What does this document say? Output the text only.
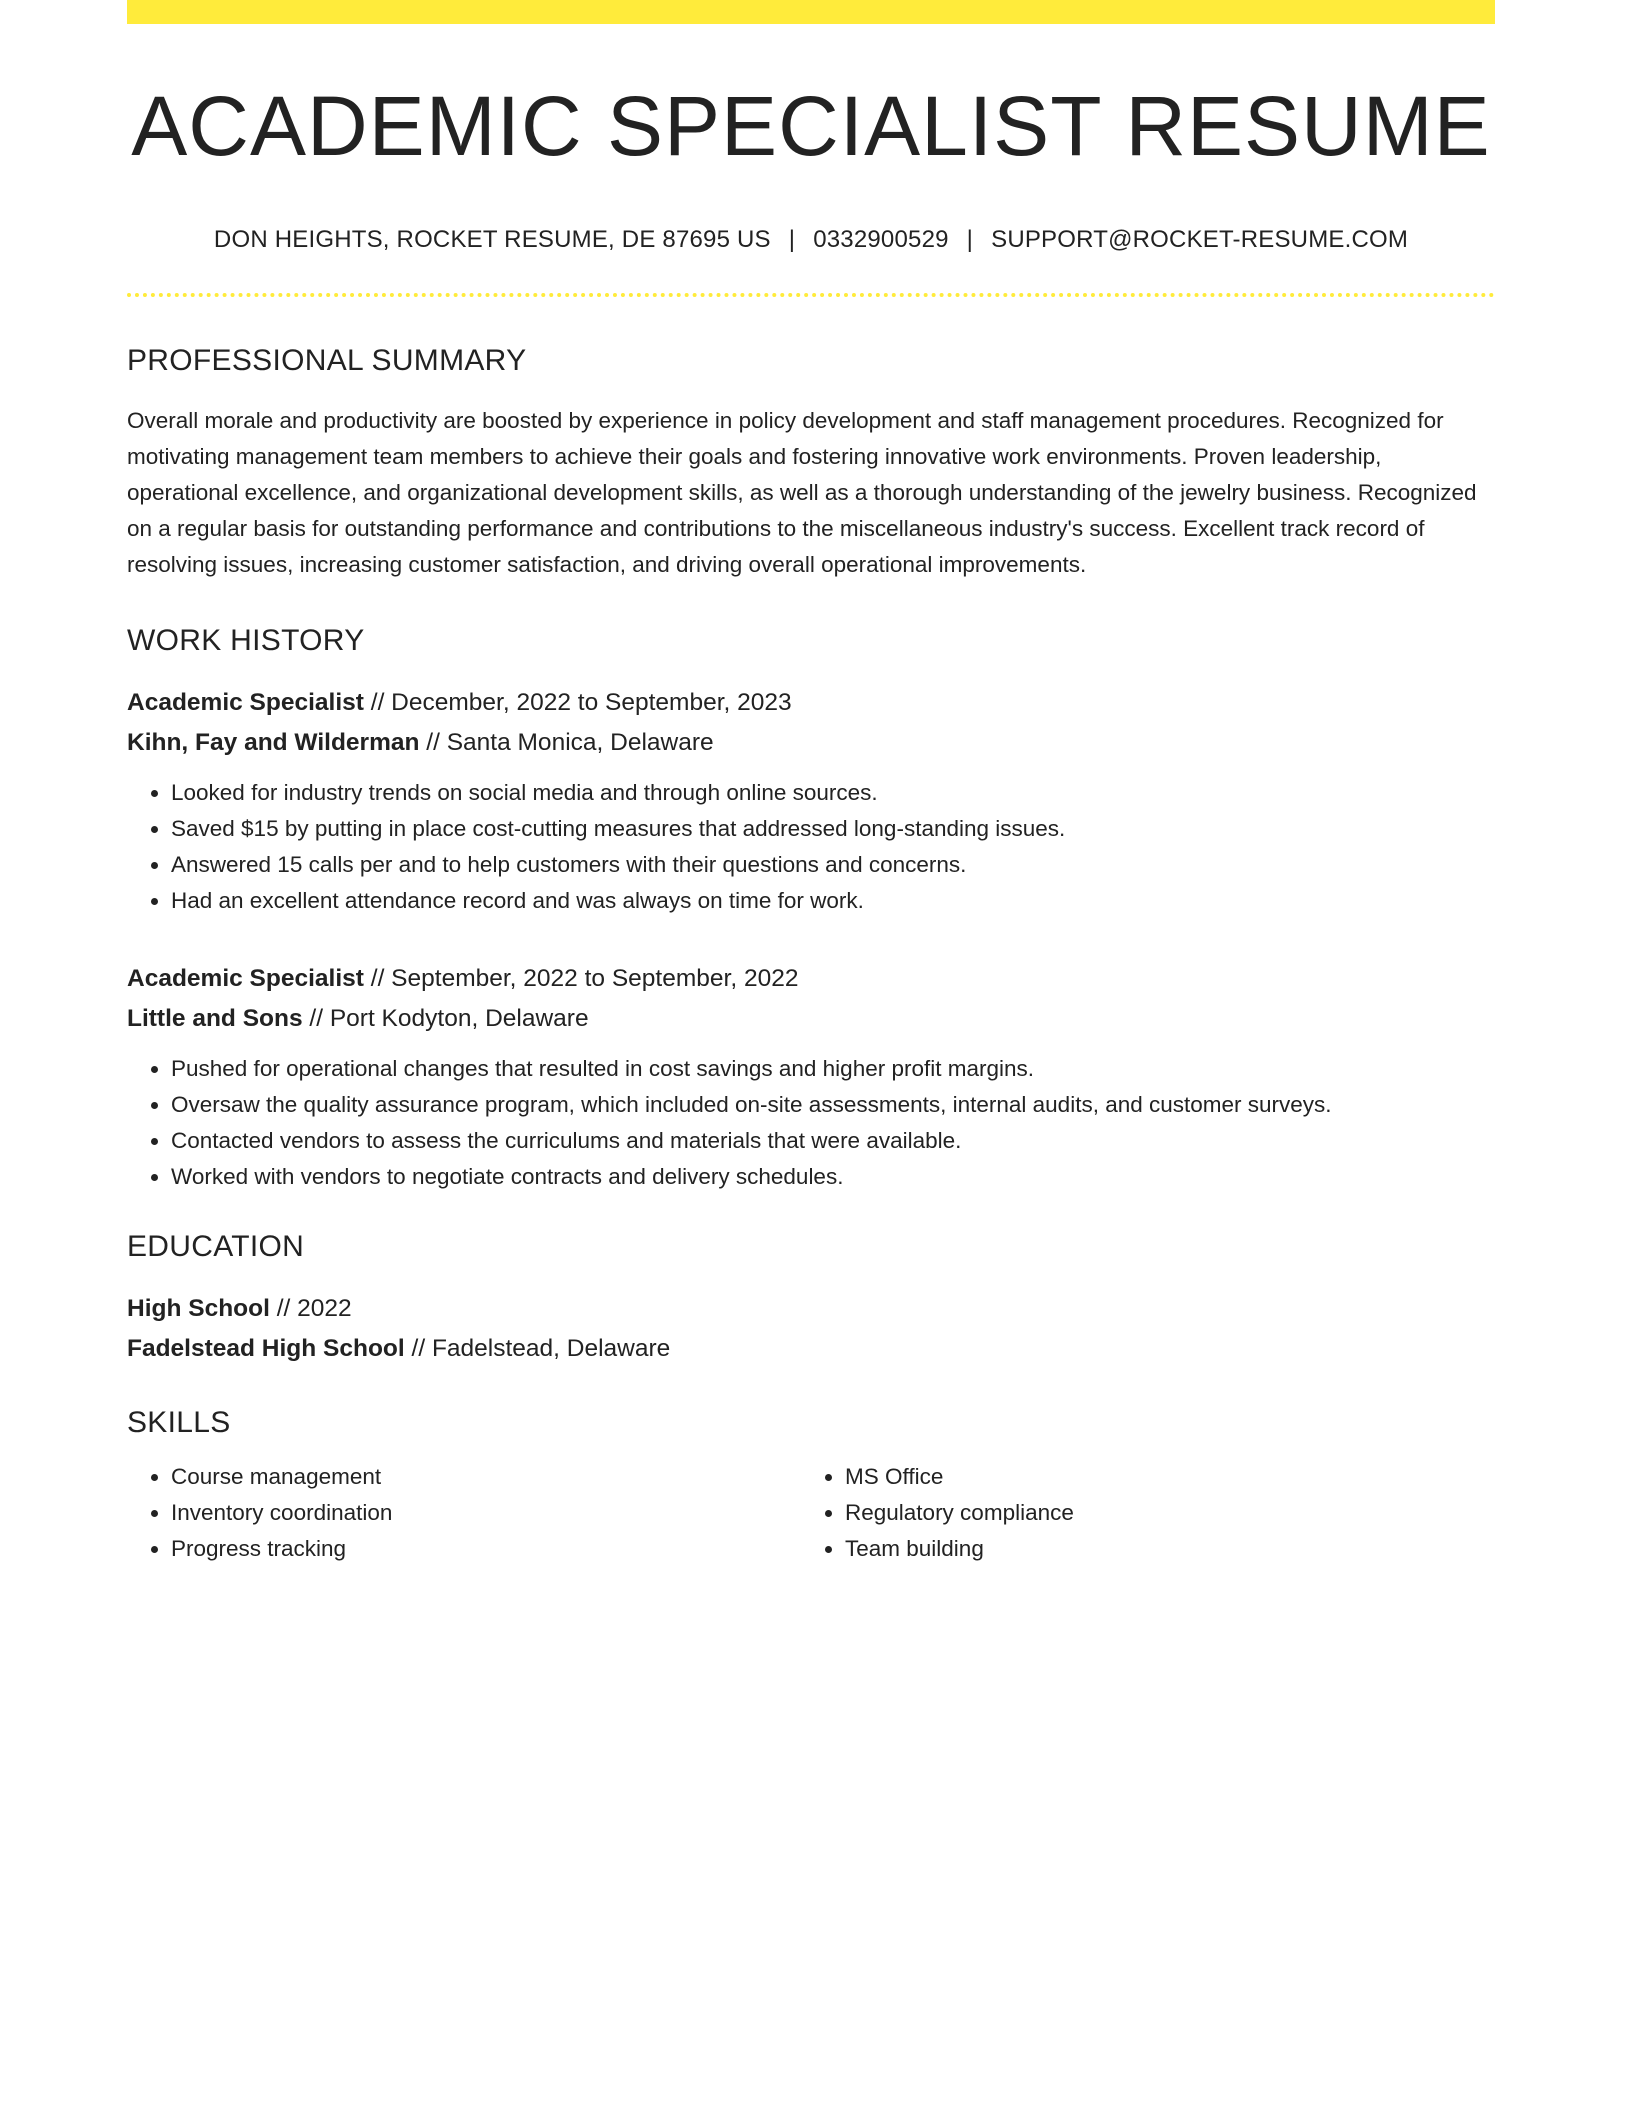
ACADEMIC SPECIALIST RESUME
DON HEIGHTS, ROCKET RESUME, DE 87695 US | 0332900529 | SUPPORT@ROCKET-RESUME.COM
PROFESSIONAL SUMMARY

Overall morale and productivity are boosted by experience in policy development and staff management procedures. Recognized for motivating management team members to achieve their goals and fostering innovative work environments. Proven leadership, operational excellence, and organizational development skills, as well as a thorough understanding of the jewelry business. Recognized on a regular basis for outstanding performance and contributions to the miscellaneous industry's success. Excellent track record of resolving issues, increasing customer satisfaction, and driving overall operational improvements.

WORK HISTORY
Academic Specialist // December, 2022 to September, 2023
Kihn, Fay and Wilderman // Santa Monica, Delaware
• Looked for industry trends on social media and through online sources.
• Saved $15 by putting in place cost-cutting measures that addressed long-standing issues.
• Answered 15 calls per and to help customers with their questions and concerns.
• Had an excellent attendance record and was always on time for work.
Academic Specialist // September, 2022 to September, 2022
Little and Sons // Port Kodyton, Delaware
• Pushed for operational changes that resulted in cost savings and higher profit margins.
• Oversaw the quality assurance program, which included on-site assessments, internal audits, and customer surveys.
• Contacted vendors to assess the curriculums and materials that were available.
• Worked with vendors to negotiate contracts and delivery schedules.
EDUCATION
High School // 2022
Fadelstead High School // Fadelstead, Delaware
SKILLS
• Course management
• Inventory coordination
• Progress tracking
• MS Office
• Regulatory compliance
• Team building
